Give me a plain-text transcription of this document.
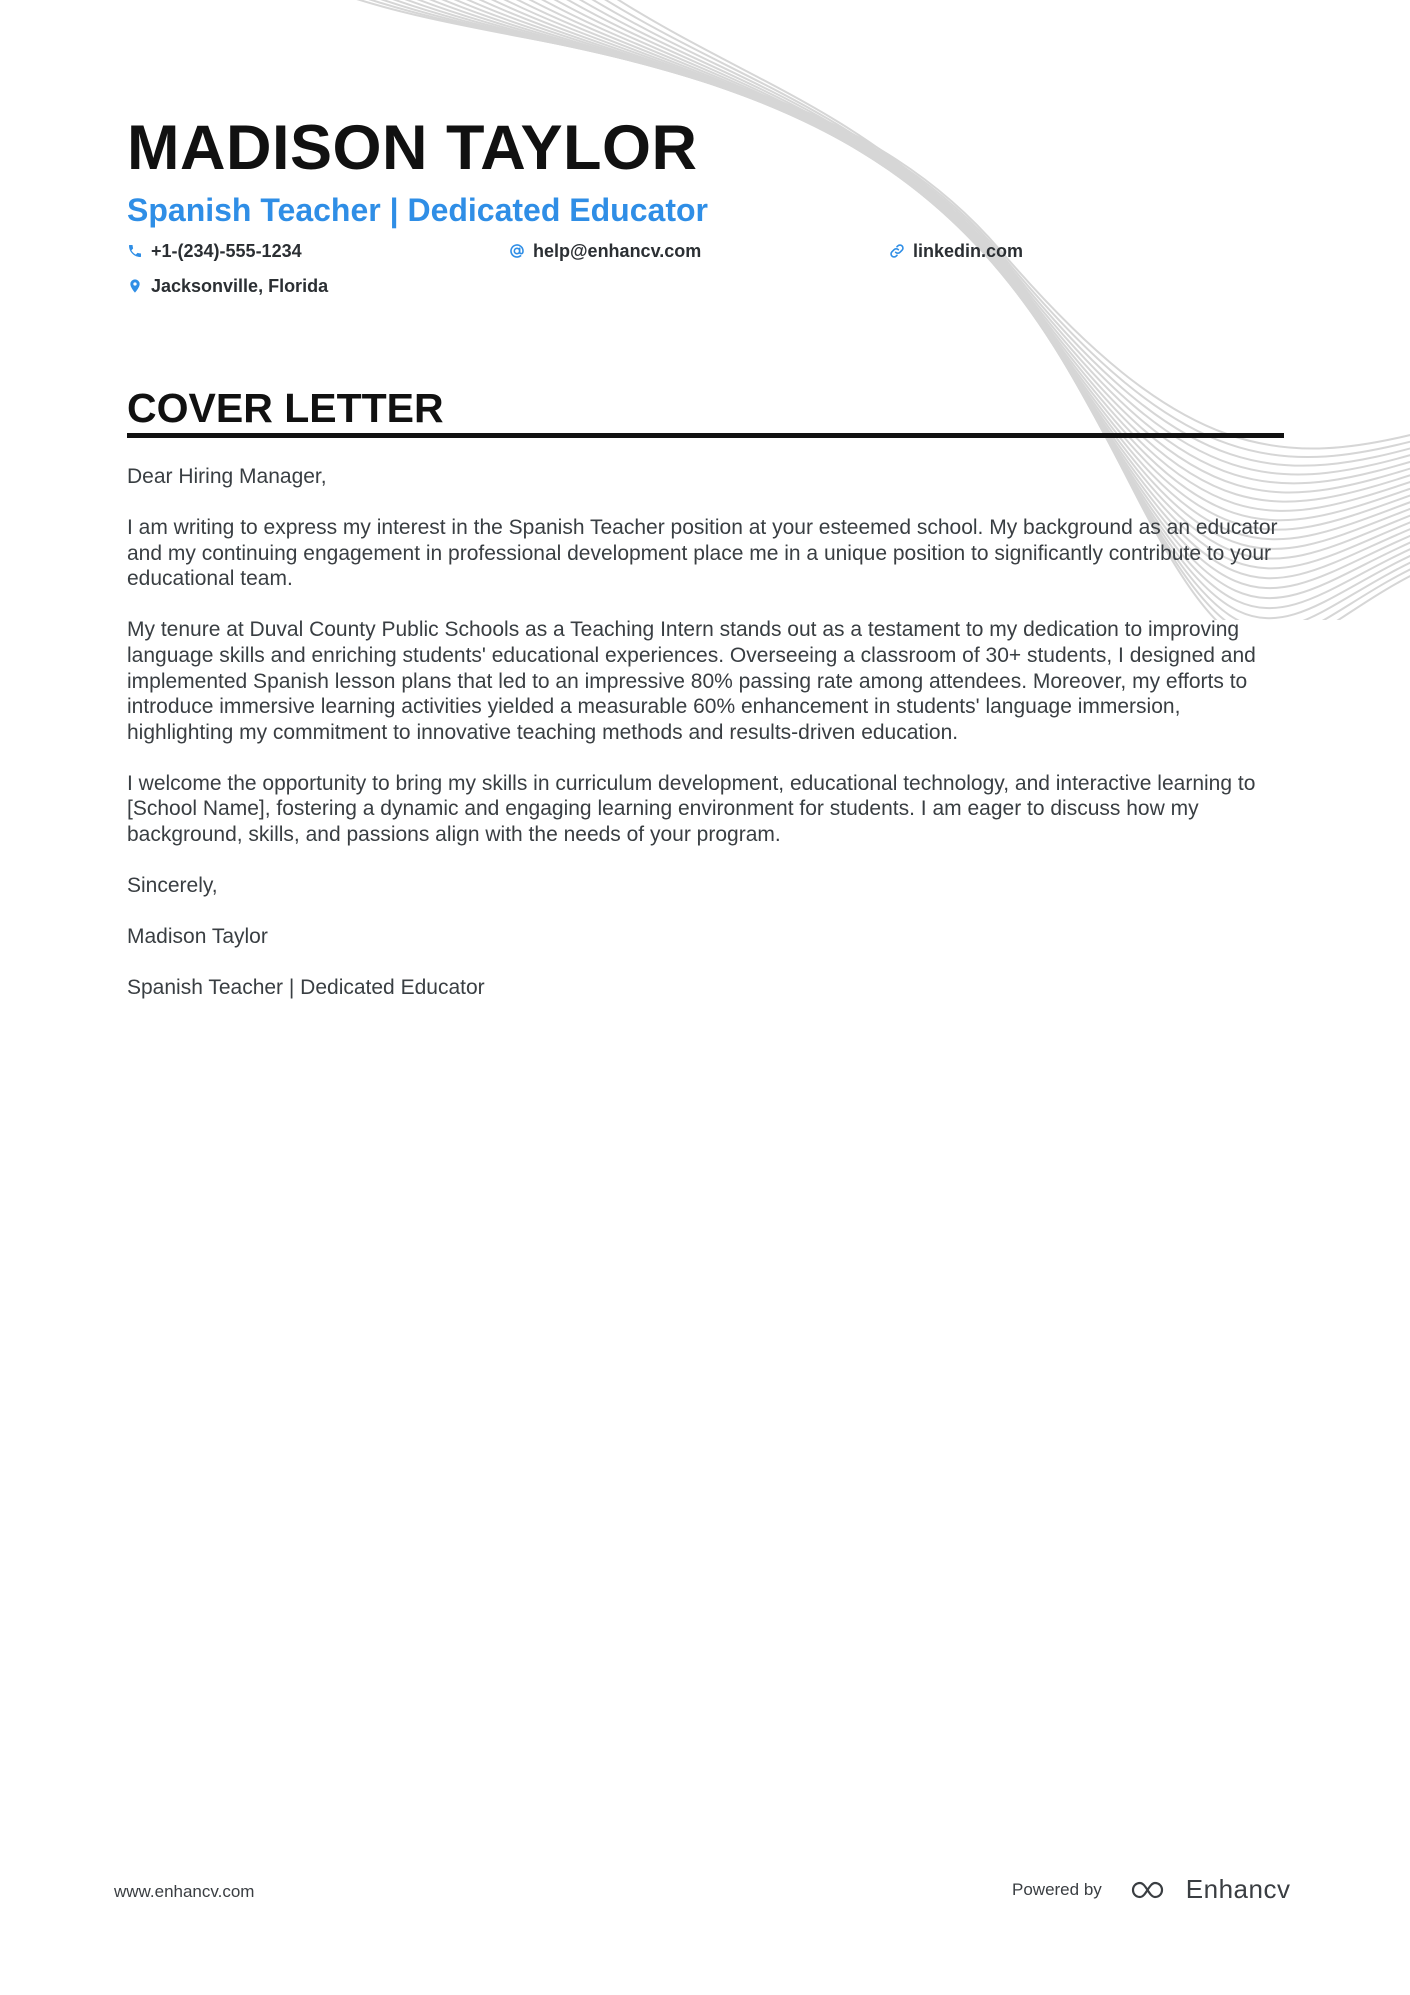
MADISON TAYLOR
Spanish Teacher | Dedicated Educator
+1-(234)-555-1234	help@enhancv.com	linkedin.com
Jacksonville, Florida
COVER LETTER

Dear Hiring Manager,

I am writing to express my interest in the Spanish Teacher position at your esteemed school. My background as an educator and my continuing engagement in professional development place me in a unique position to significantly contribute to your educational team.

My tenure at Duval County Public Schools as a Teaching Intern stands out as a testament to my dedication to improving language skills and enriching students' educational experiences. Overseeing a classroom of 30+ students, I designed and implemented Spanish lesson plans that led to an impressive 80% passing rate among attendees. Moreover, my efforts to introduce immersive learning activities yielded a measurable 60% enhancement in students' language immersion, highlighting my commitment to innovative teaching methods and results-driven education.

I welcome the opportunity to bring my skills in curriculum development, educational technology, and interactive learning to [School Name], fostering a dynamic and engaging learning environment for students. I am eager to discuss how my background, skills, and passions align with the needs of your program.

Sincerely,

Madison Taylor

Spanish Teacher | Dedicated Educator

www.enhancv.com	Powered by	Enhancv
